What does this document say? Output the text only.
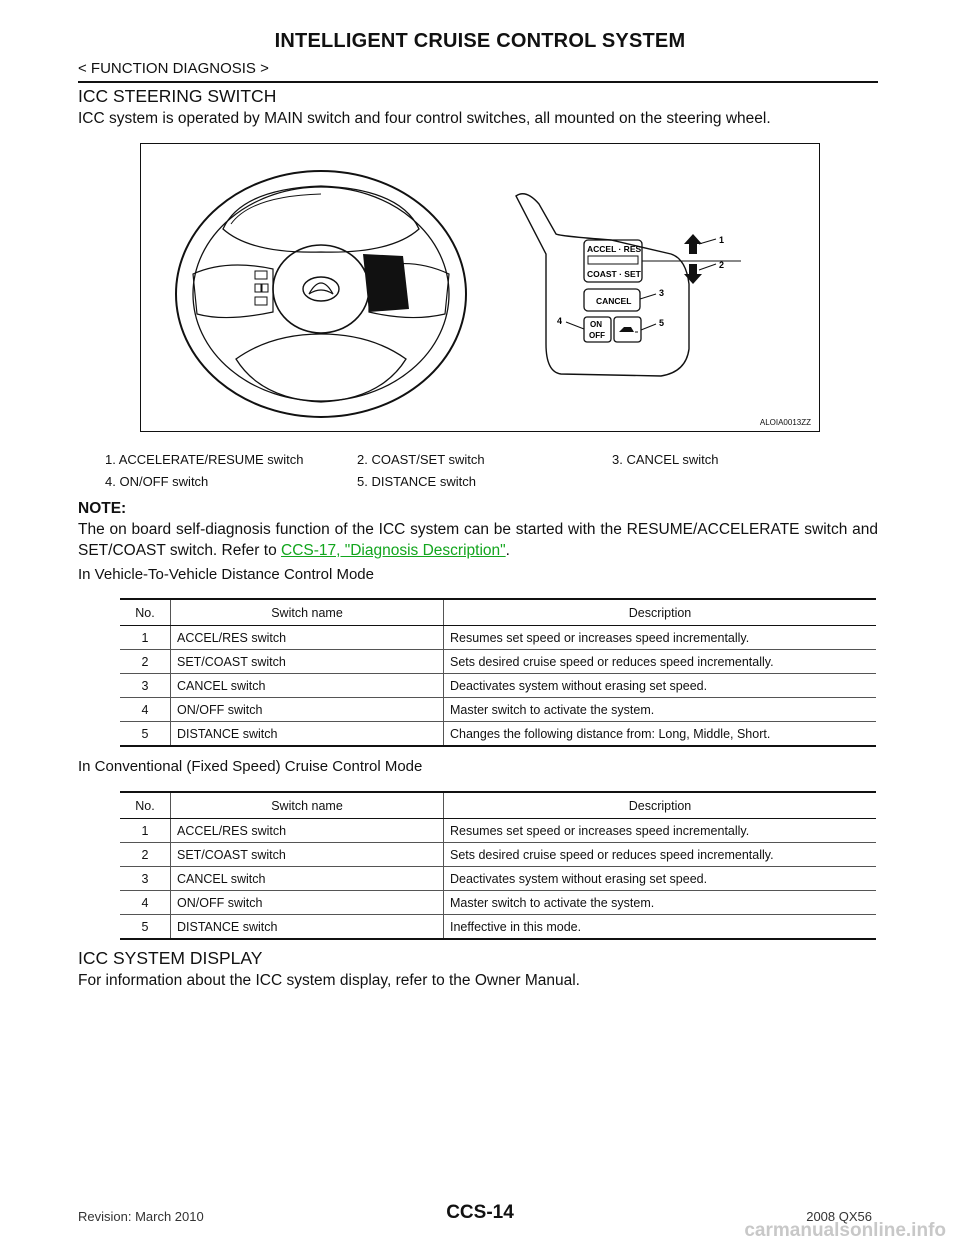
INTELLIGENT CRUISE CONTROL SYSTEM
< FUNCTION DIAGNOSIS >
ICC STEERING SWITCH
ICC system is operated by MAIN switch and four control switches, all mounted on the steering wheel.
ACCEL · RES
COAST · SET
CANCEL
ON
OFF
1
2
3
4	5
ALOIA0013ZZ
1. ACCELERATE/RESUME switch	2. COAST/SET switch	3. CANCEL switch
4. ON/OFF switch	5. DISTANCE switch
NOTE:
The on board self-diagnosis function of the ICC system can be started with the RESUME/ACCELERATE switch and SET/COAST switch. Refer to CCS-17, "Diagnosis Description".
In Vehicle-To-Vehicle Distance Control Mode
No.	Switch name	Description
1	ACCEL/RES switch	Resumes set speed or increases speed incrementally.
2	SET/COAST switch	Sets desired cruise speed or reduces speed incrementally.
3	CANCEL switch	Deactivates system without erasing set speed.
4	ON/OFF switch	Master switch to activate the system.
5	DISTANCE switch	Changes the following distance from: Long, Middle, Short.
In Conventional (Fixed Speed) Cruise Control Mode
No.	Switch name	Description
1	ACCEL/RES switch	Resumes set speed or increases speed incrementally.
2	SET/COAST switch	Sets desired cruise speed or reduces speed incrementally.
3	CANCEL switch	Deactivates system without erasing set speed.
4	ON/OFF switch	Master switch to activate the system.
5	DISTANCE switch	Ineffective in this mode.
ICC SYSTEM DISPLAY
For information about the ICC system display, refer to the Owner Manual.
Revision: March 2010	CCS-14	2008 QX56
carmanualsonline.info
